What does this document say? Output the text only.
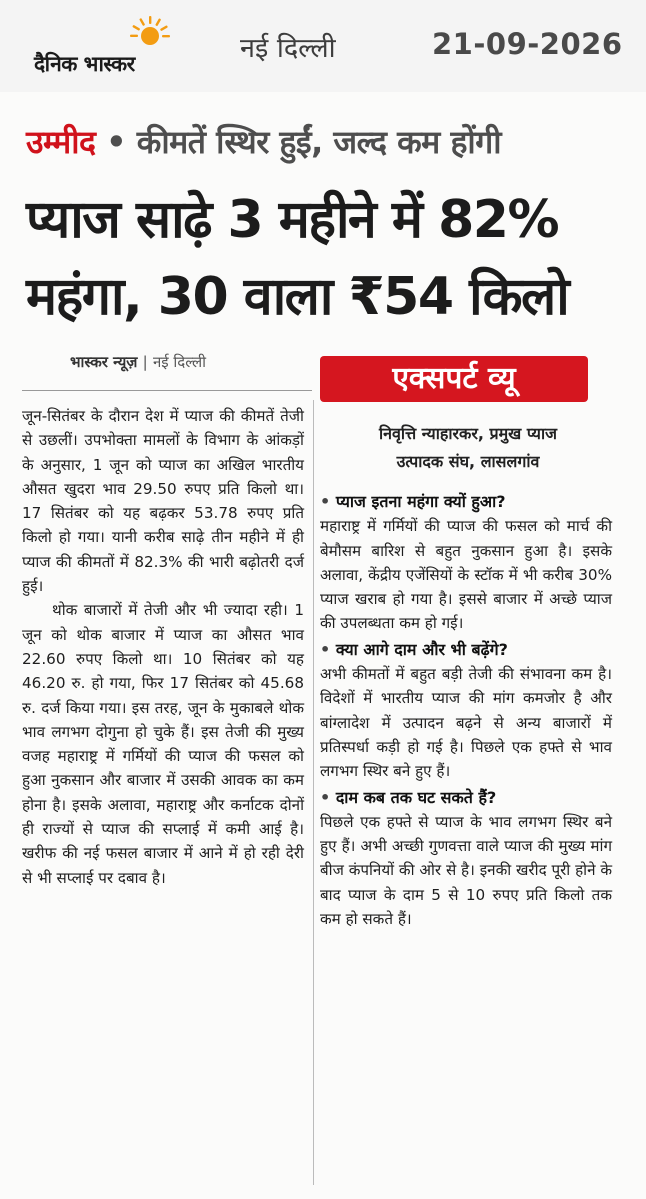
दैनिक भास्कर	नई दिल्ली	21-09-2026
उम्मीद • कीमतें स्थिर हुईं, जल्द कम होंगी
प्याज साढ़े 3 महीने में 82%
महंगा, 30 वाला ₹54 किलो
भास्कर न्यूज़ | नई दिल्ली

जून-सितंबर के दौरान देश में प्याज की कीमतें तेजी से उछलीं। उपभोक्ता मामलों के विभाग के आंकड़ों के अनुसार, 1 जून को प्याज का अखिल भारतीय औसत खुदरा भाव 29.50 रुपए प्रति किलो था। 17 सितंबर को यह बढ़कर 53.78 रुपए प्रति किलो हो गया। यानी करीब साढ़े तीन महीने में ही प्याज की कीमतों में 82.3% की भारी बढ़ोतरी दर्ज हुई।

थोक बाजारों में तेजी और भी ज्यादा रही। 1 जून को थोक बाजार में प्याज का औसत भाव 22.60 रुपए किलो था। 10 सितंबर को यह 46.20 रु. हो गया, फिर 17 सितंबर को 45.68 रु. दर्ज किया गया। इस तरह, जून के मुकाबले थोक भाव लगभग दोगुना हो चुके हैं। इस तेजी की मुख्य वजह महाराष्ट्र में गर्मियों की प्याज की फसल को हुआ नुकसान और बाजार में उसकी आवक का कम होना है। इसके अलावा, महाराष्ट्र और कर्नाटक दोनों ही राज्यों से प्याज की सप्लाई में कमी आई है। खरीफ की नई फसल बाजार में आने में हो रही देरी से भी सप्लाई पर दबाव है।

एक्सपर्ट व्यू
निवृत्ति न्याहारकर, प्रमुख प्याज
उत्पादक संघ, लासलगांव

• प्याज इतना महंगा क्यों हुआ?

महाराष्ट्र में गर्मियों की प्याज की फसल को मार्च की बेमौसम बारिश से बहुत नुकसान हुआ है। इसके अलावा, केंद्रीय एजेंसियों के स्टॉक में भी करीब 30% प्याज खराब हो गया है। इससे बाजार में अच्छे प्याज की उपलब्धता कम हो गई।

• क्या आगे दाम और भी बढ़ेंगे?

अभी कीमतों में बहुत बड़ी तेजी की संभावना कम है। विदेशों में भारतीय प्याज की मांग कमजोर है और बांग्लादेश में उत्पादन बढ़ने से अन्य बाजारों में प्रतिस्पर्धा कड़ी हो गई है। पिछले एक हफ्ते से भाव लगभग स्थिर बने हुए हैं।

• दाम कब तक घट सकते हैं?

पिछले एक हफ्ते से प्याज के भाव लगभग स्थिर बने हुए हैं। अभी अच्छी गुणवत्ता वाले प्याज की मुख्य मांग बीज कंपनियों की ओर से है। इनकी खरीद पूरी होने के बाद प्याज के दाम 5 से 10 रुपए प्रति किलो तक कम हो सकते हैं।
